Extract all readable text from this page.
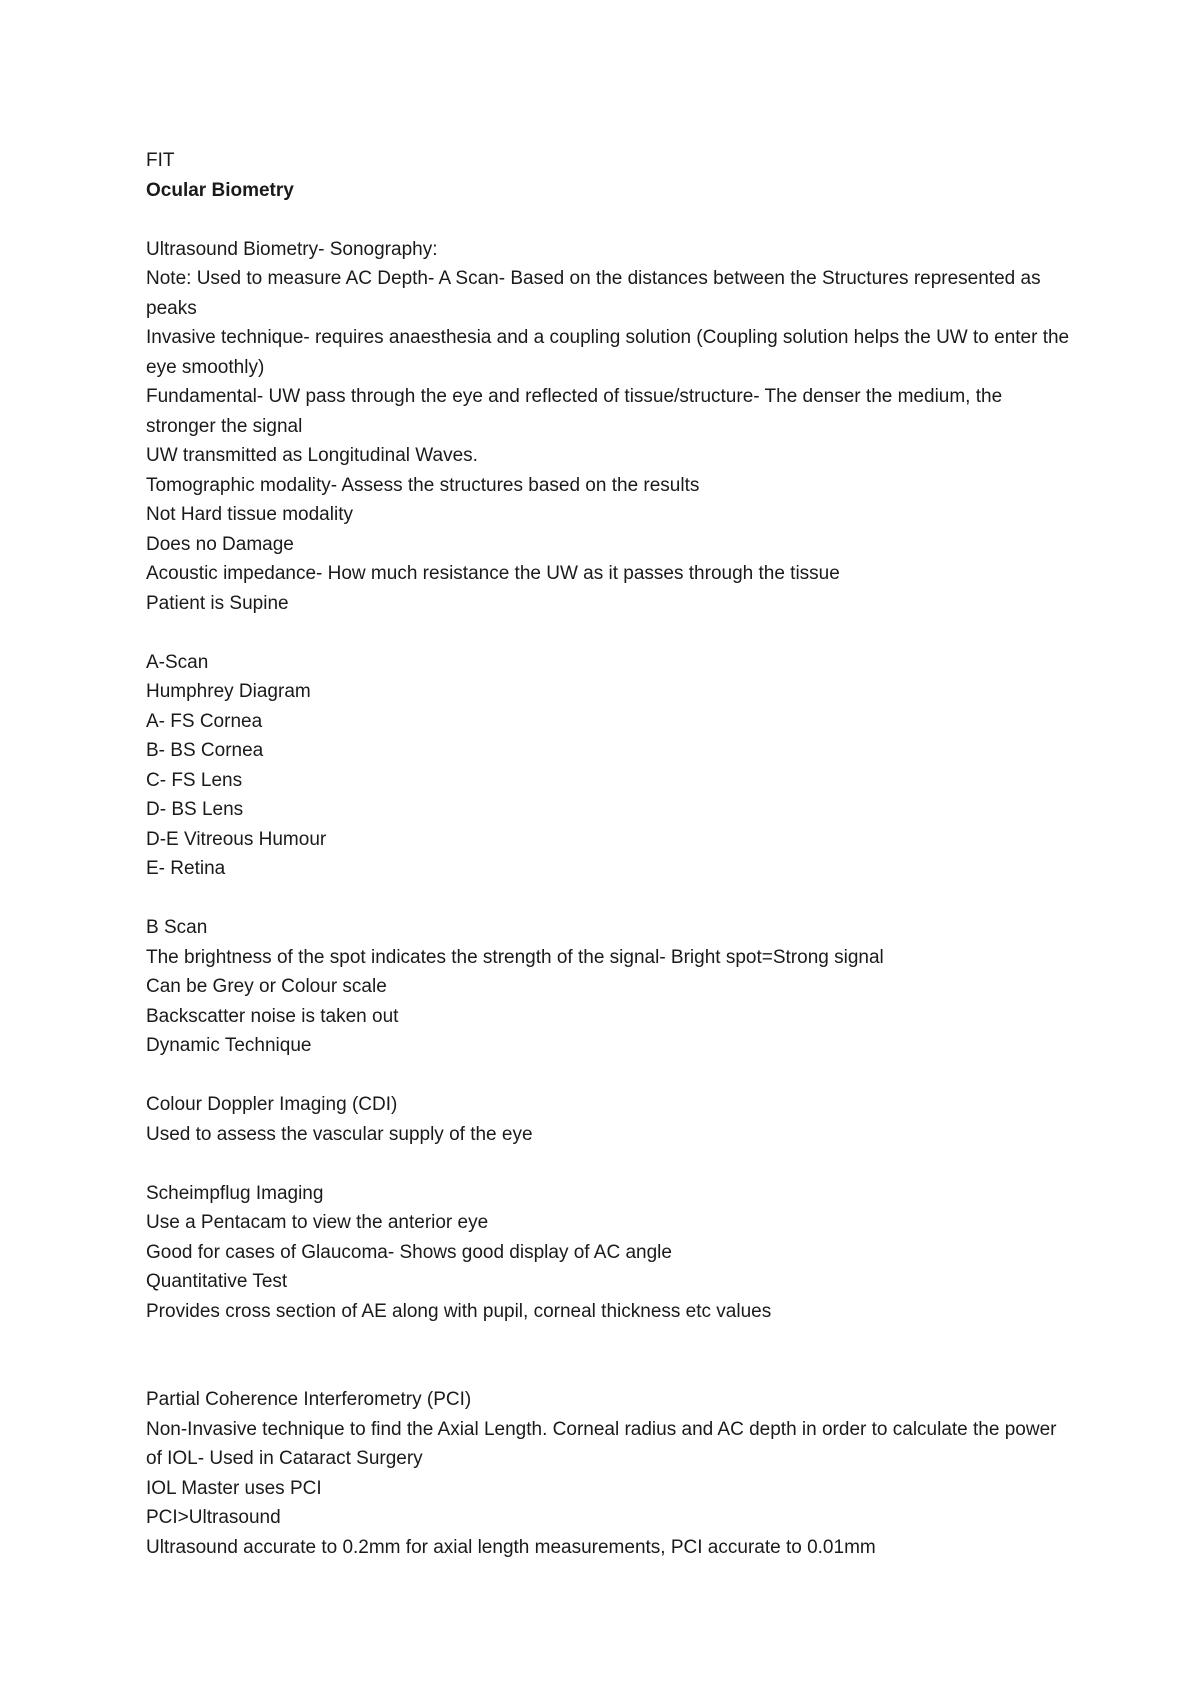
FIT
Ocular Biometry
Ultrasound Biometry- Sonography:
Note: Used to measure AC Depth- A Scan- Based on the distances between the Structures represented as peaks
Invasive technique- requires anaesthesia and a coupling solution (Coupling solution helps the UW to enter the eye smoothly)
Fundamental- UW pass through the eye and reflected of tissue/structure- The denser the medium, the stronger the signal
UW transmitted as Longitudinal Waves.
Tomographic modality- Assess the structures based on the results
Not Hard tissue modality
Does no Damage
Acoustic impedance- How much resistance the UW as it passes through the tissue
Patient is Supine
A-Scan
Humphrey Diagram
A- FS Cornea
B- BS Cornea
C- FS Lens
D- BS Lens
D-E Vitreous Humour
E- Retina
B Scan
The brightness of the spot indicates the strength of the signal- Bright spot=Strong signal
Can be Grey or Colour scale
Backscatter noise is taken out
Dynamic Technique
Colour Doppler Imaging (CDI)
Used to assess the vascular supply of the eye
Scheimpflug Imaging
Use a Pentacam to view the anterior eye
Good for cases of Glaucoma- Shows good display of AC angle
Quantitative Test
Provides cross section of AE along with pupil, corneal thickness etc values
Partial Coherence Interferometry (PCI)
Non-Invasive technique to find the Axial Length. Corneal radius and AC depth in order to calculate the power of IOL- Used in Cataract Surgery
IOL Master uses PCI
PCI>Ultrasound
Ultrasound accurate to 0.2mm for axial length measurements, PCI accurate to 0.01mm
